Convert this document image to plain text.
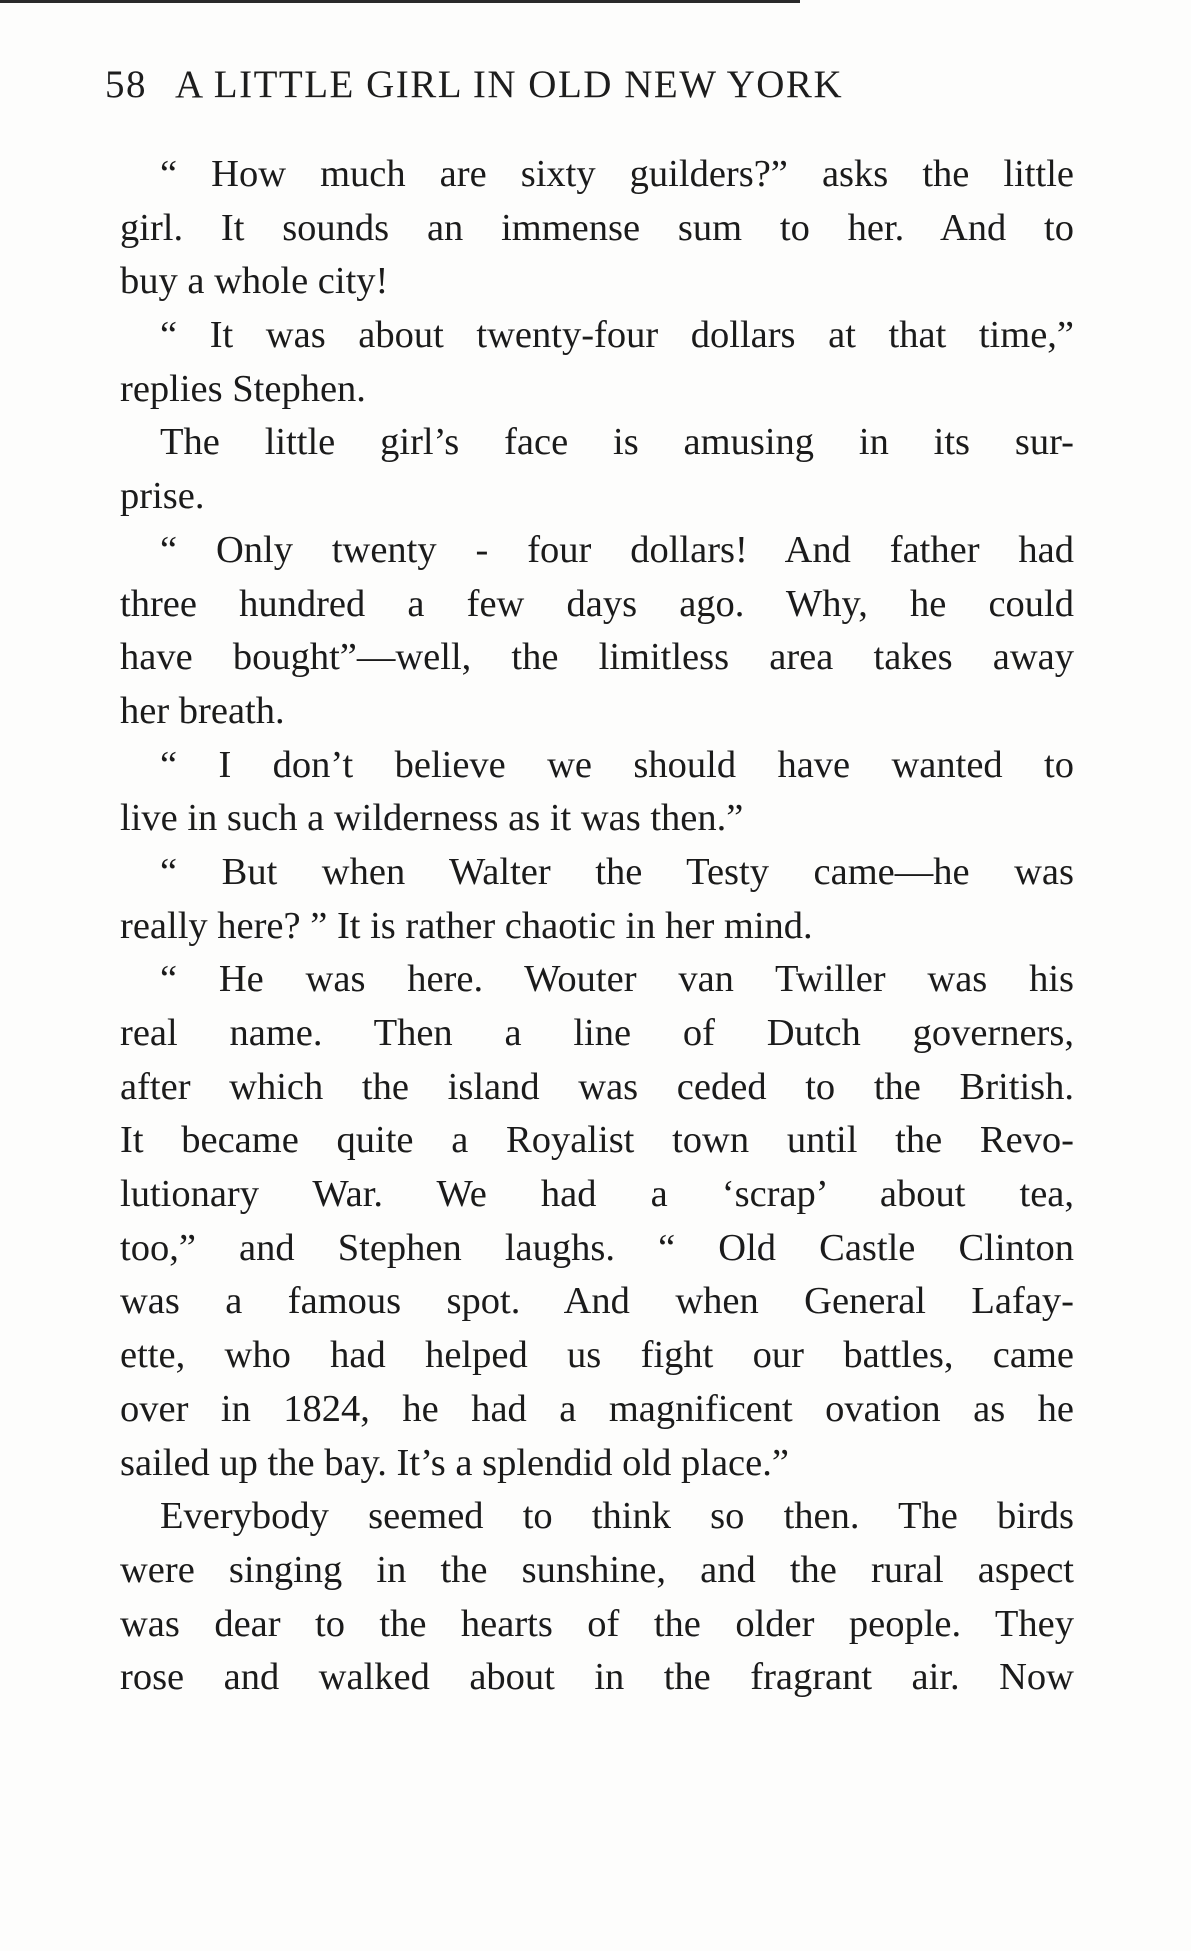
58 A LITTLE GIRL IN OLD NEW YORK
“ How much are sixty guilders?” asks the little
girl. It sounds an immense sum to her. And to
buy a whole city!
“ It was about twenty-four dollars at that time,”
replies Stephen.
The little girl’s face is amusing in its sur-
prise.
“ Only twenty - four dollars! And father had
three hundred a few days ago. Why, he could
have bought”—well, the limitless area takes away
her breath.
“ I don’t believe we should have wanted to
live in such a wilderness as it was then.”
“ But when Walter the Testy came—he was
really here? ” It is rather chaotic in her mind.
“ He was here. Wouter van Twiller was his
real name. Then a line of Dutch governers,
after which the island was ceded to the British.
It became quite a Royalist town until the Revo-
lutionary War. We had a ‘scrap’ about tea,
too,” and Stephen laughs. “ Old Castle Clinton
was a famous spot. And when General Lafay-
ette, who had helped us fight our battles, came
over in 1824, he had a magnificent ovation as he
sailed up the bay. It’s a splendid old place.”
Everybody seemed to think so then. The birds
were singing in the sunshine, and the rural aspect
was dear to the hearts of the older people. They
rose and walked about in the fragrant air. Now
